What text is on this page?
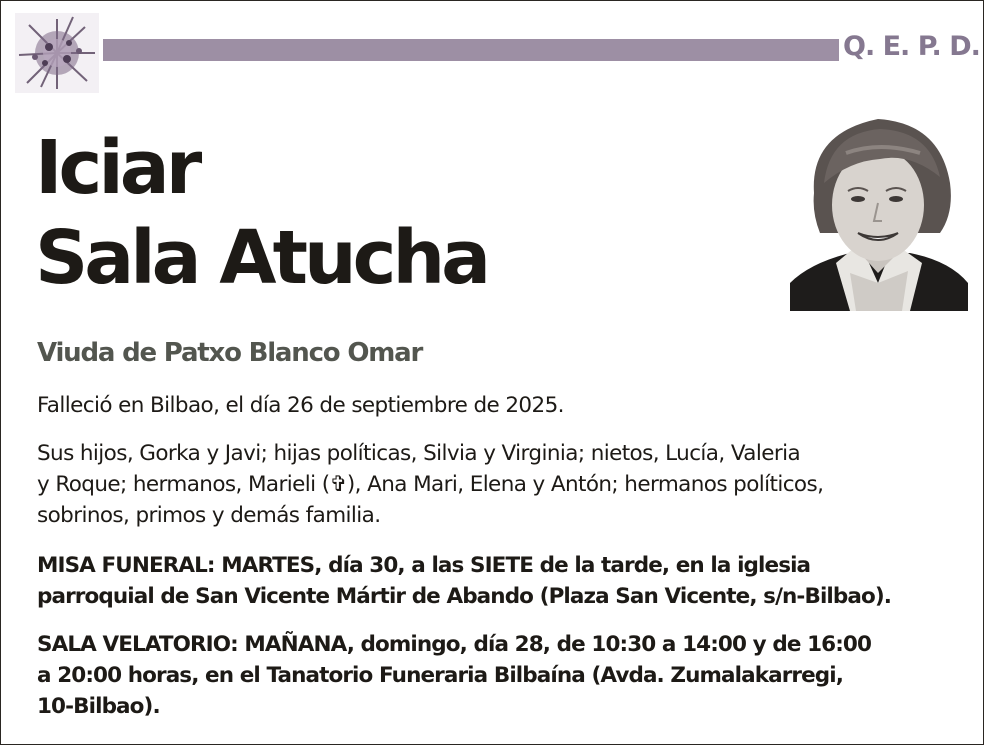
Q. E. P. D.
Iciar
Sala Atucha
Viuda de Patxo Blanco Omar
Falleció en Bilbao, el día 26 de septiembre de 2025.
Sus hijos, Gorka y Javi; hijas políticas, Silvia y Virginia; nietos, Lucía, Valeria
y Roque; hermanos, Marieli (✞), Ana Mari, Elena y Antón; hermanos políticos,
sobrinos, primos y demás familia.
MISA FUNERAL: MARTES, día 30, a las SIETE de la tarde, en la iglesia
parroquial de San Vicente Mártir de Abando (Plaza San Vicente, s/n-Bilbao).
SALA VELATORIO: MAÑANA, domingo, día 28, de 10:30 a 14:00 y de 16:00
a 20:00 horas, en el Tanatorio Funeraria Bilbaína (Avda. Zumalakarregi,
10-Bilbao).
